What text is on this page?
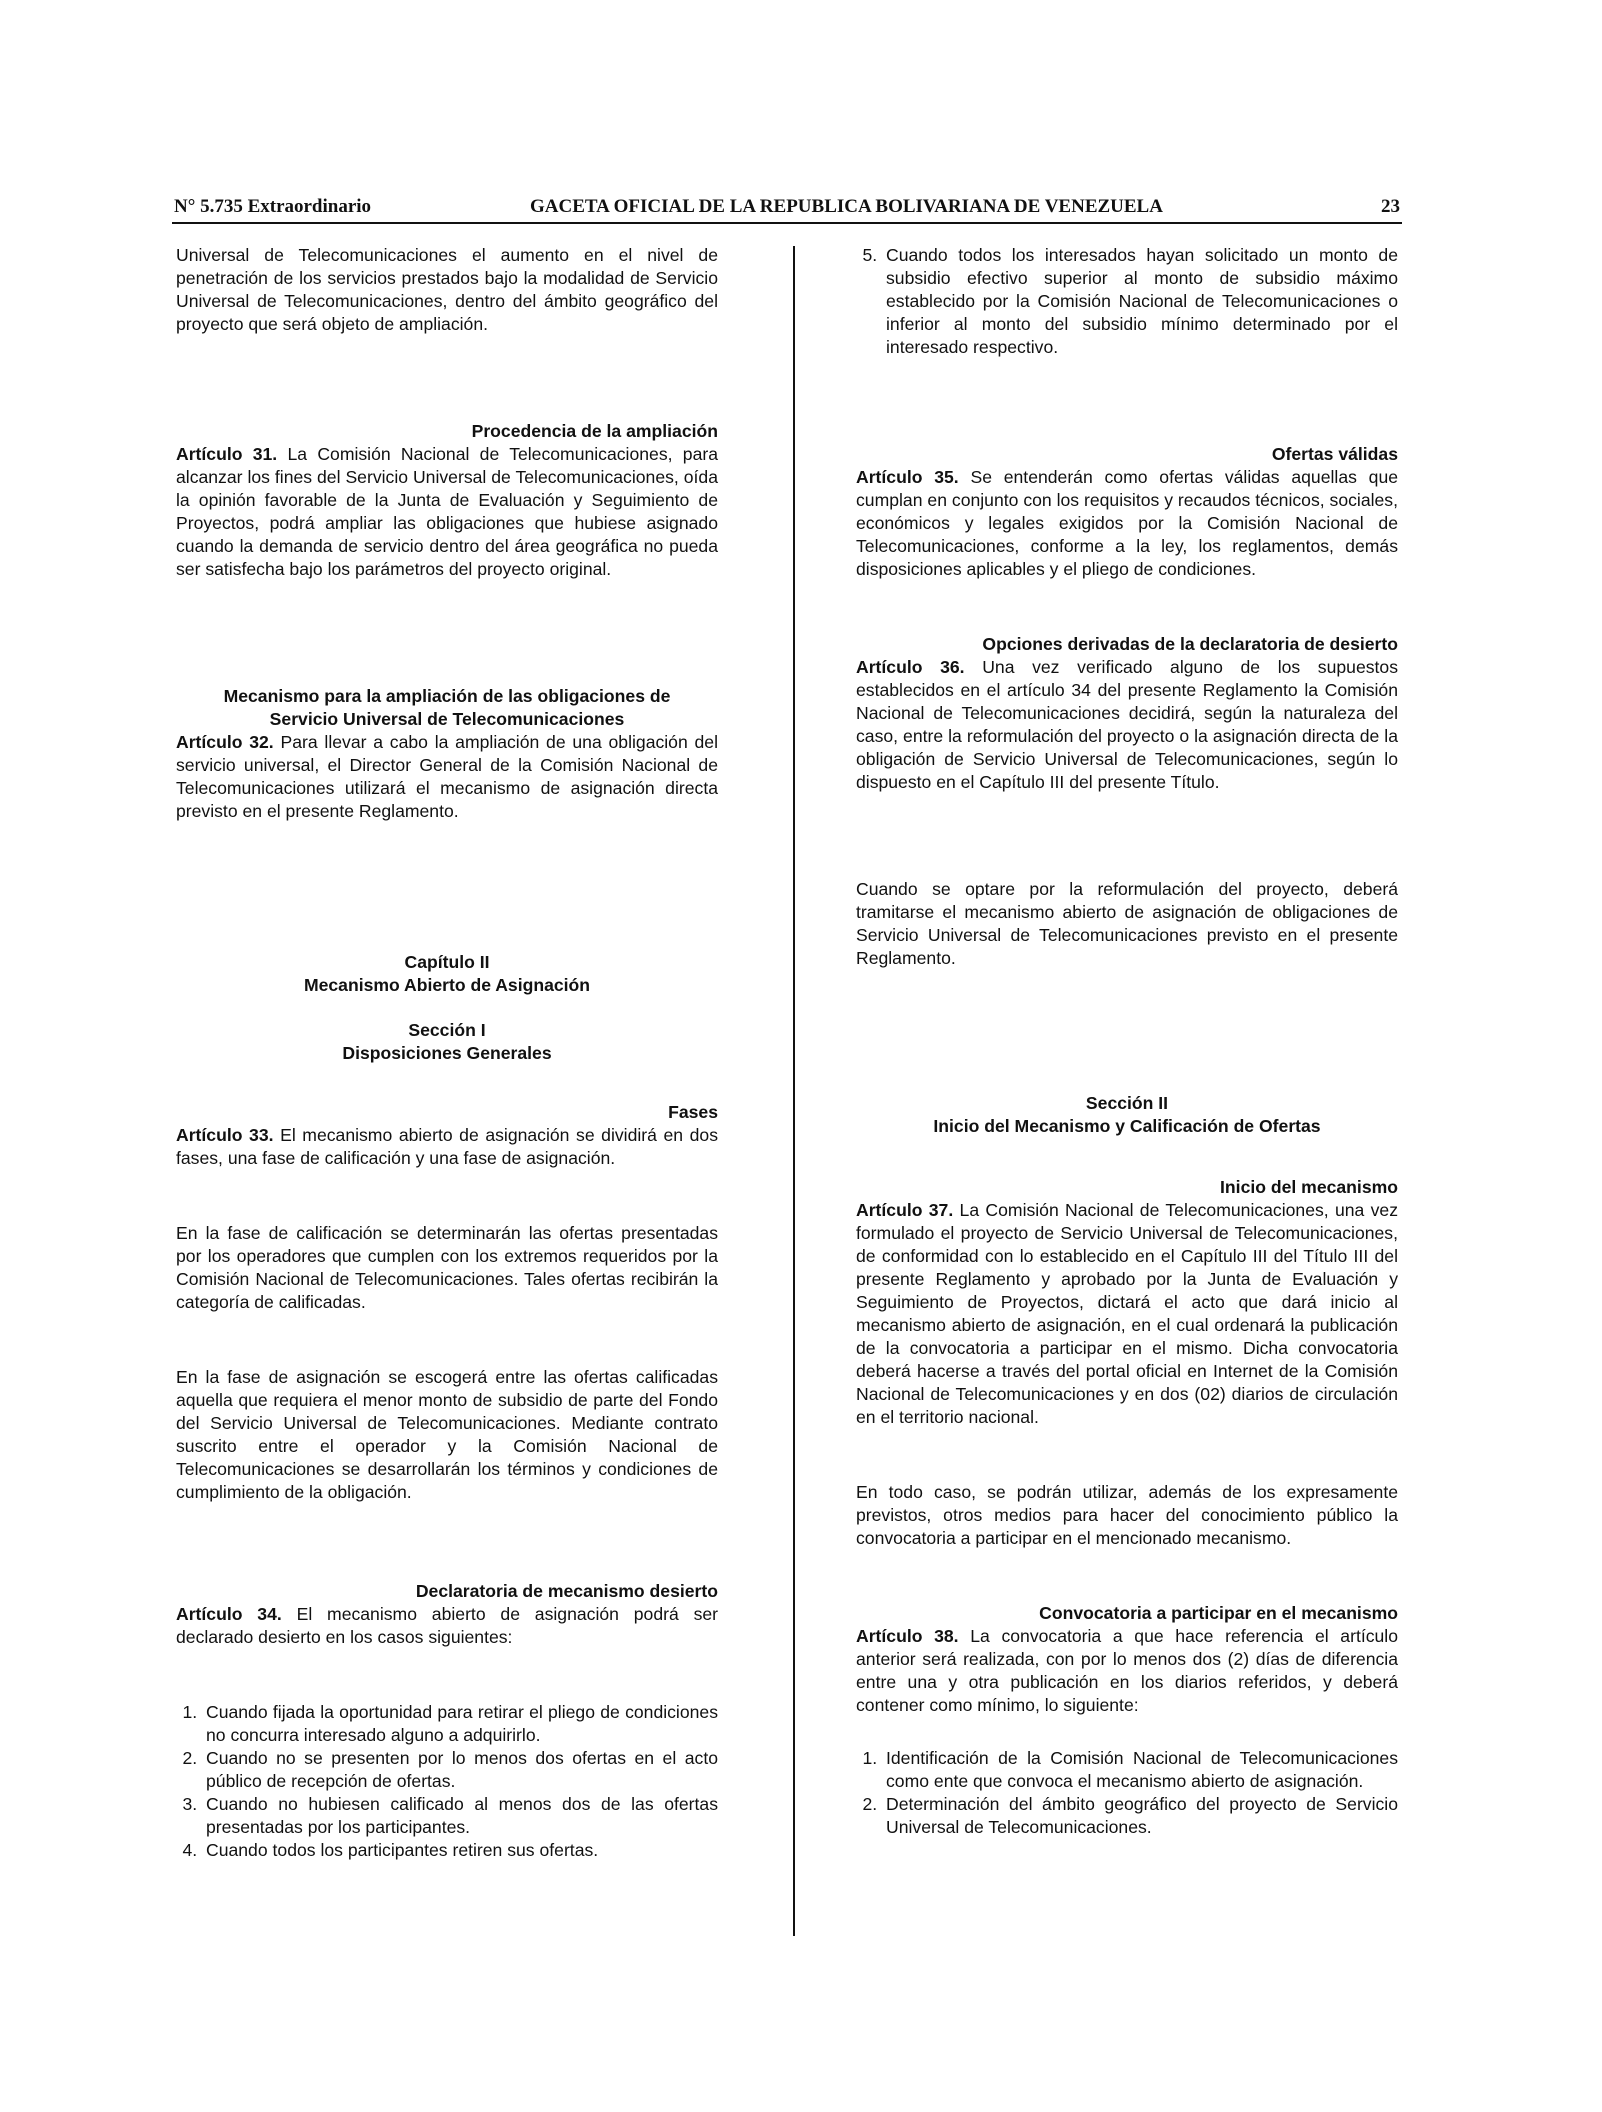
N° 5.735 Extraordinario	GACETA OFICIAL DE LA REPUBLICA BOLIVARIANA DE VENEZUELA	23

Universal de Telecomunicaciones el aumento en el nivel de penetración de los servicios prestados bajo la modalidad de Servicio Universal de Telecomunicaciones, dentro del ámbito geográfico del proyecto que será objeto de ampliación.

Procedencia de la ampliación

Artículo 31. La Comisión Nacional de Telecomunicaciones, para alcanzar los fines del Servicio Universal de Telecomunicaciones, oída la opinión favorable de la Junta de Evaluación y Seguimiento de Proyectos, podrá ampliar las obligaciones que hubiese asignado cuando la demanda de servicio dentro del área geográfica no pueda ser satisfecha bajo los parámetros del proyecto original.

Mecanismo para la ampliación de las obligaciones de

Servicio Universal de Telecomunicaciones

Artículo 32. Para llevar a cabo la ampliación de una obligación del servicio universal, el Director General de la Comisión Nacional de Telecomunicaciones utilizará el mecanismo de asignación directa previsto en el presente Reglamento.

Capítulo II

Mecanismo Abierto de Asignación

Sección I

Disposiciones Generales

Fases

Artículo 33. El mecanismo abierto de asignación se dividirá en dos fases, una fase de calificación y una fase de asignación.

En la fase de calificación se determinarán las ofertas presentadas por los operadores que cumplen con los extremos requeridos por la Comisión Nacional de Telecomunicaciones. Tales ofertas recibirán la categoría de calificadas.

En la fase de asignación se escogerá entre las ofertas calificadas aquella que requiera el menor monto de subsidio de parte del Fondo del Servicio Universal de Telecomunicaciones. Mediante contrato suscrito entre el operador y la Comisión Nacional de Telecomunicaciones se desarrollarán los términos y condiciones de cumplimiento de la obligación.

Declaratoria de mecanismo desierto

Artículo 34. El mecanismo abierto de asignación podrá ser declarado desierto en los casos siguientes:

1. Cuando fijada la oportunidad para retirar el pliego de condiciones no concurra interesado alguno a adquirirlo.
2. Cuando no se presenten por lo menos dos ofertas en el acto público de recepción de ofertas.
3. Cuando no hubiesen calificado al menos dos de las ofertas presentadas por los participantes.
4. Cuando todos los participantes retiren sus ofertas.
5. Cuando todos los interesados hayan solicitado un monto de subsidio efectivo superior al monto de subsidio máximo establecido por la Comisión Nacional de Telecomunicaciones o inferior al monto del subsidio mínimo determinado por el interesado respectivo.

Ofertas válidas

Artículo 35. Se entenderán como ofertas válidas aquellas que cumplan en conjunto con los requisitos y recaudos técnicos, sociales, económicos y legales exigidos por la Comisión Nacional de Telecomunicaciones, conforme a la ley, los reglamentos, demás disposiciones aplicables y el pliego de condiciones.

Opciones derivadas de la declaratoria de desierto

Artículo 36. Una vez verificado alguno de los supuestos establecidos en el artículo 34 del presente Reglamento la Comisión Nacional de Telecomunicaciones decidirá, según la naturaleza del caso, entre la reformulación del proyecto o la asignación directa de la obligación de Servicio Universal de Telecomunicaciones, según lo dispuesto en el Capítulo III del presente Título.

Cuando se optare por la reformulación del proyecto, deberá tramitarse el mecanismo abierto de asignación de obligaciones de Servicio Universal de Telecomunicaciones previsto en el presente Reglamento.

Sección II

Inicio del Mecanismo y Calificación de Ofertas

Inicio del mecanismo

Artículo 37. La Comisión Nacional de Telecomunicaciones, una vez formulado el proyecto de Servicio Universal de Telecomunicaciones, de conformidad con lo establecido en el Capítulo III del Título III del presente Reglamento y aprobado por la Junta de Evaluación y Seguimiento de Proyectos, dictará el acto que dará inicio al mecanismo abierto de asignación, en el cual ordenará la publicación de la convocatoria a participar en el mismo. Dicha convocatoria deberá hacerse a través del portal oficial en Internet de la Comisión Nacional de Telecomunicaciones y en dos (02) diarios de circulación en el territorio nacional.

En todo caso, se podrán utilizar, además de los expresamente previstos, otros medios para hacer del conocimiento público la convocatoria a participar en el mencionado mecanismo.

Convocatoria a participar en el mecanismo

Artículo 38. La convocatoria a que hace referencia el artículo anterior será realizada, con por lo menos dos (2) días de diferencia entre una y otra publicación en los diarios referidos, y deberá contener como mínimo, lo siguiente:

1. Identificación de la Comisión Nacional de Telecomunicaciones como ente que convoca el mecanismo abierto de asignación.
2. Determinación del ámbito geográfico del proyecto de Servicio Universal de Telecomunicaciones.
